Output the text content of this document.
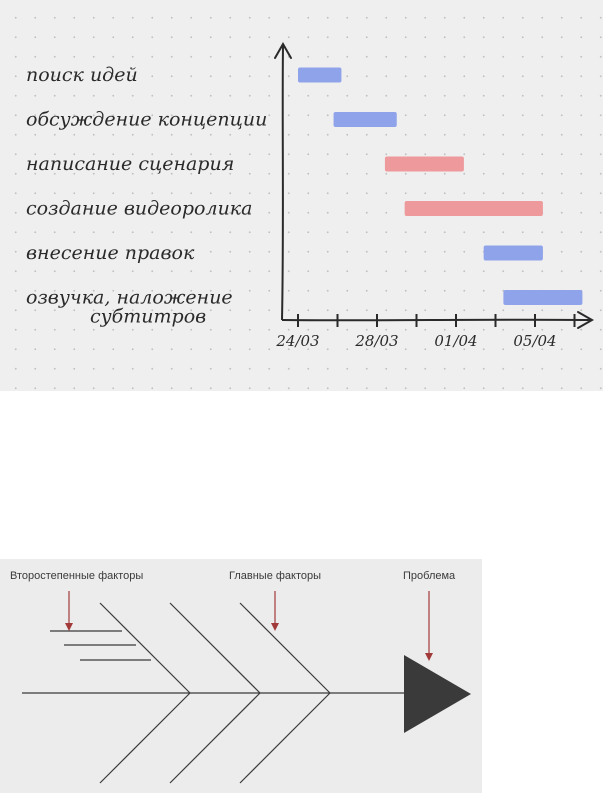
поиск идей
обсуждение концепции
написание сценария
создание видеоролика
внесение правок
озвучка, наложение
субтитров
24/03 28/03 01/04 05/04
Второстепенные факторы	Главные факторы	Проблема
